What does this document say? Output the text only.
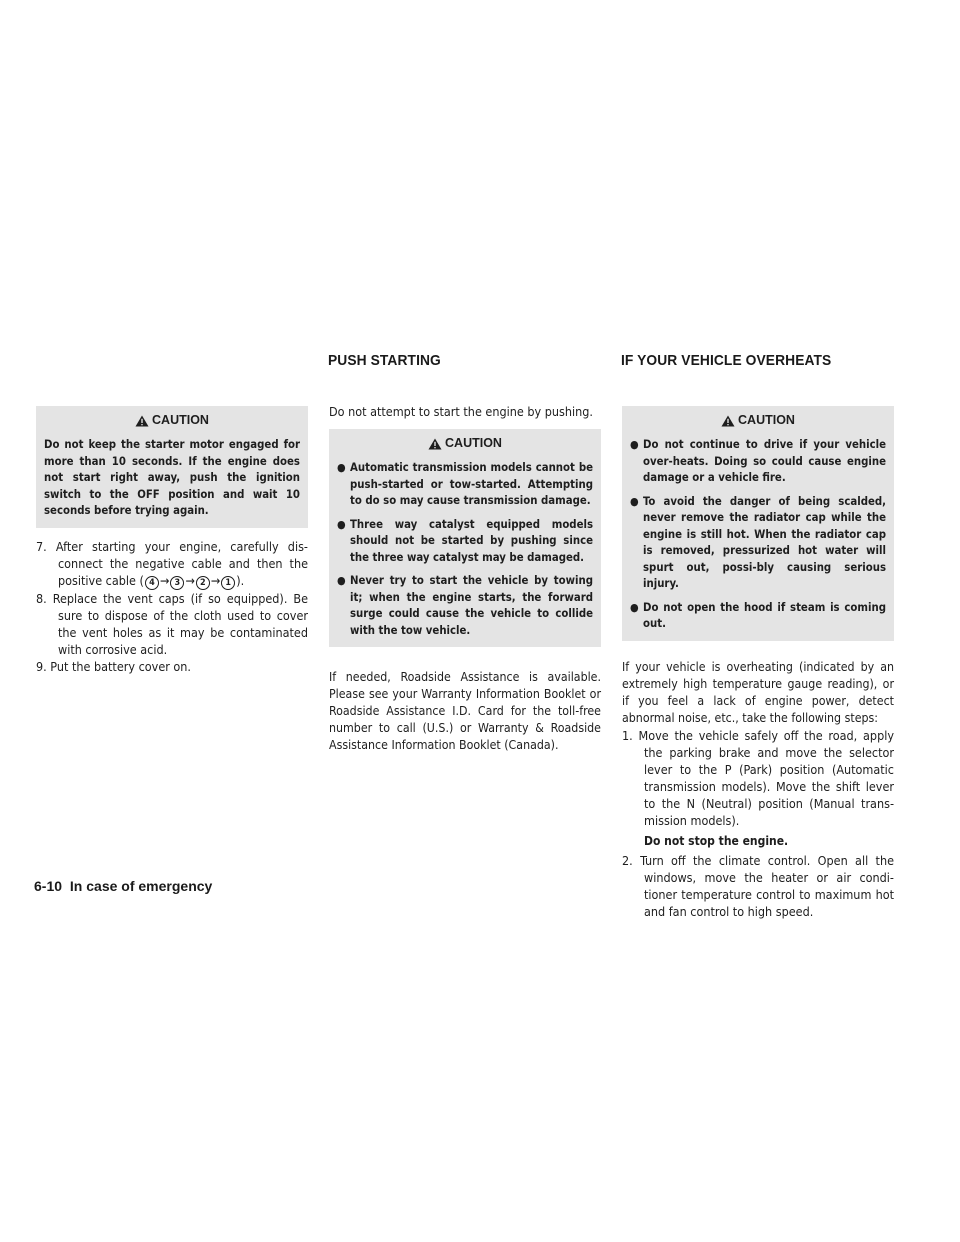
PUSH STARTING	IF YOUR VEHICLE OVERHEATS
CAUTION
Do not keep the starter motor engaged for more than 10 seconds. If the engine does not start right away, push the ignition switch to the OFF position and wait 10 seconds before trying again.
7. After starting your engine, carefully dis-connect the negative cable and then the positive cable ( 4 → 3 → 2 → 1 ).
8. Replace the vent caps (if so equipped). Be sure to dispose of the cloth used to cover the vent holes as it may be contaminated with corrosive acid.
9. Put the battery cover on.
Do not attempt to start the engine by pushing.
CAUTION
● Automatic transmission models cannot be push-started or tow-started. Attempting to do so may cause transmission damage.
● Three way catalyst equipped models should not be started by pushing since the three way catalyst may be damaged.
● Never try to start the vehicle by towing it; when the engine starts, the forward surge could cause the vehicle to collide with the tow vehicle.
If needed, Roadside Assistance is available. Please see your Warranty Information Booklet or Roadside Assistance I.D. Card for the toll-free number to call (U.S.) or Warranty & Roadside Assistance Information Booklet (Canada).
CAUTION
● Do not continue to drive if your vehicle over-heats. Doing so could cause engine damage or a vehicle fire.
● To avoid the danger of being scalded, never remove the radiator cap while the engine is still hot. When the radiator cap is removed, pressurized hot water will spurt out, possi-bly causing serious injury.
● Do not open the hood if steam is coming out.
If your vehicle is overheating (indicated by an extremely high temperature gauge reading), or if you feel a lack of engine power, detect abnormal noise, etc., take the following steps:
1. Move the vehicle safely off the road, apply the parking brake and move the selector lever to the P (Park) position (Automatic transmission models). Move the shift lever to the N (Neutral) position (Manual trans-mission models).
Do not stop the engine.
2. Turn off the climate control. Open all the windows, move the heater or air condi-tioner temperature control to maximum hot and fan control to high speed.
6-10 In case of emergency
